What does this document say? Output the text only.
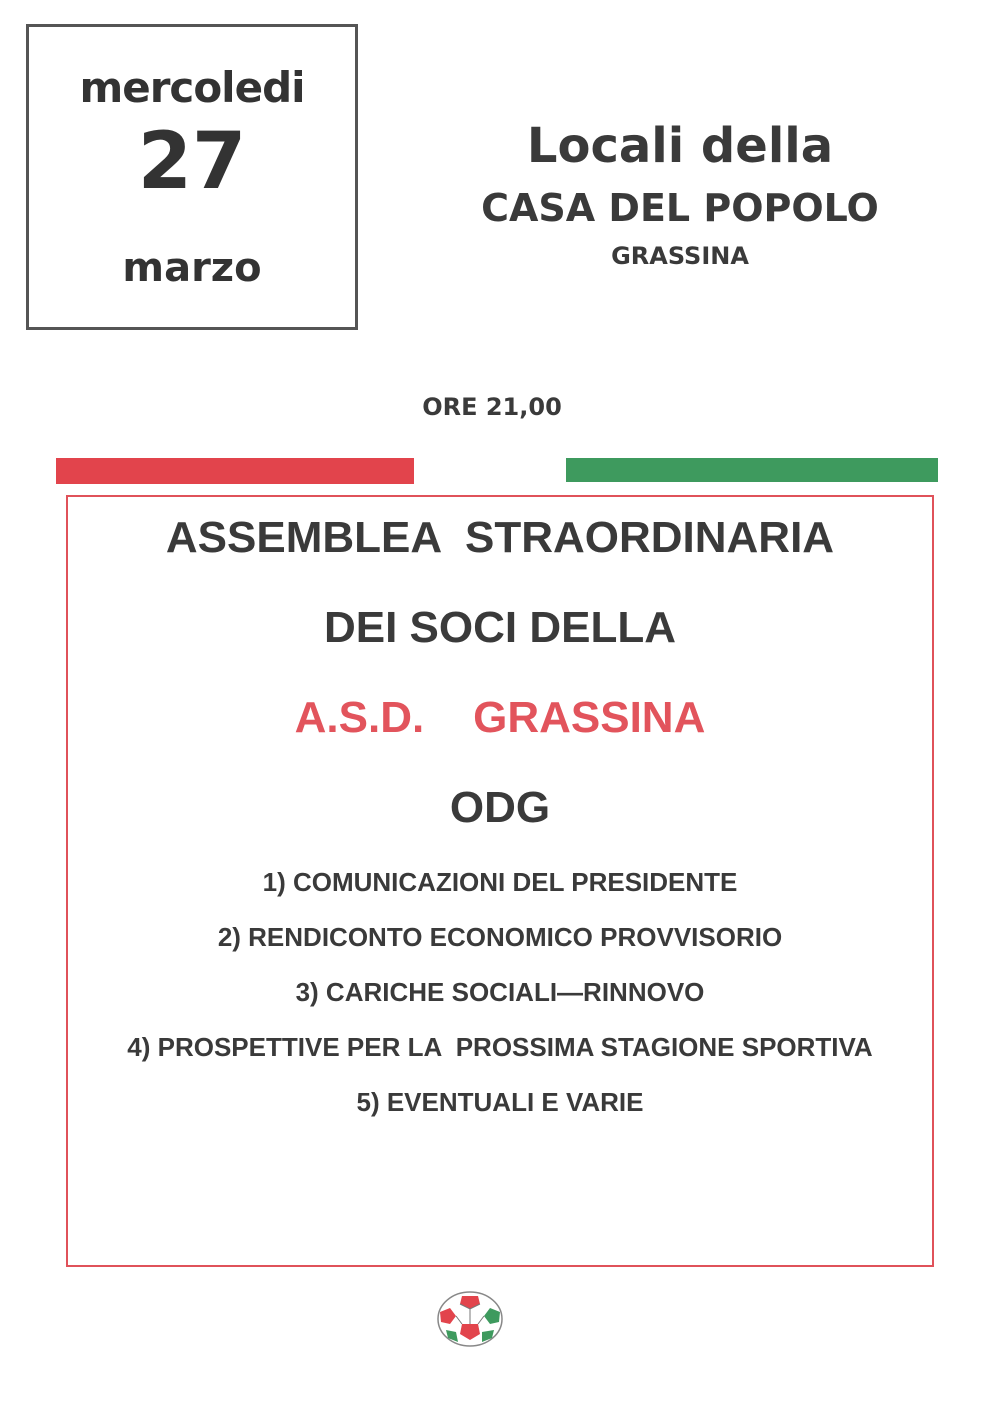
mercoledi
27
marzo
Locali della
CASA DEL POPOLO
GRASSINA
ORE 21,00
ASSEMBLEA  STRAORDINARIA
DEI SOCI DELLA
A.S.D.    GRASSINA
ODG
1) COMUNICAZIONI DEL PRESIDENTE
2) RENDICONTO ECONOMICO PROVVISORIO
3) CARICHE SOCIALI—RINNOVO
4) PROSPETTIVE PER LA  PROSSIMA STAGIONE SPORTIVA
5) EVENTUALI E VARIE
